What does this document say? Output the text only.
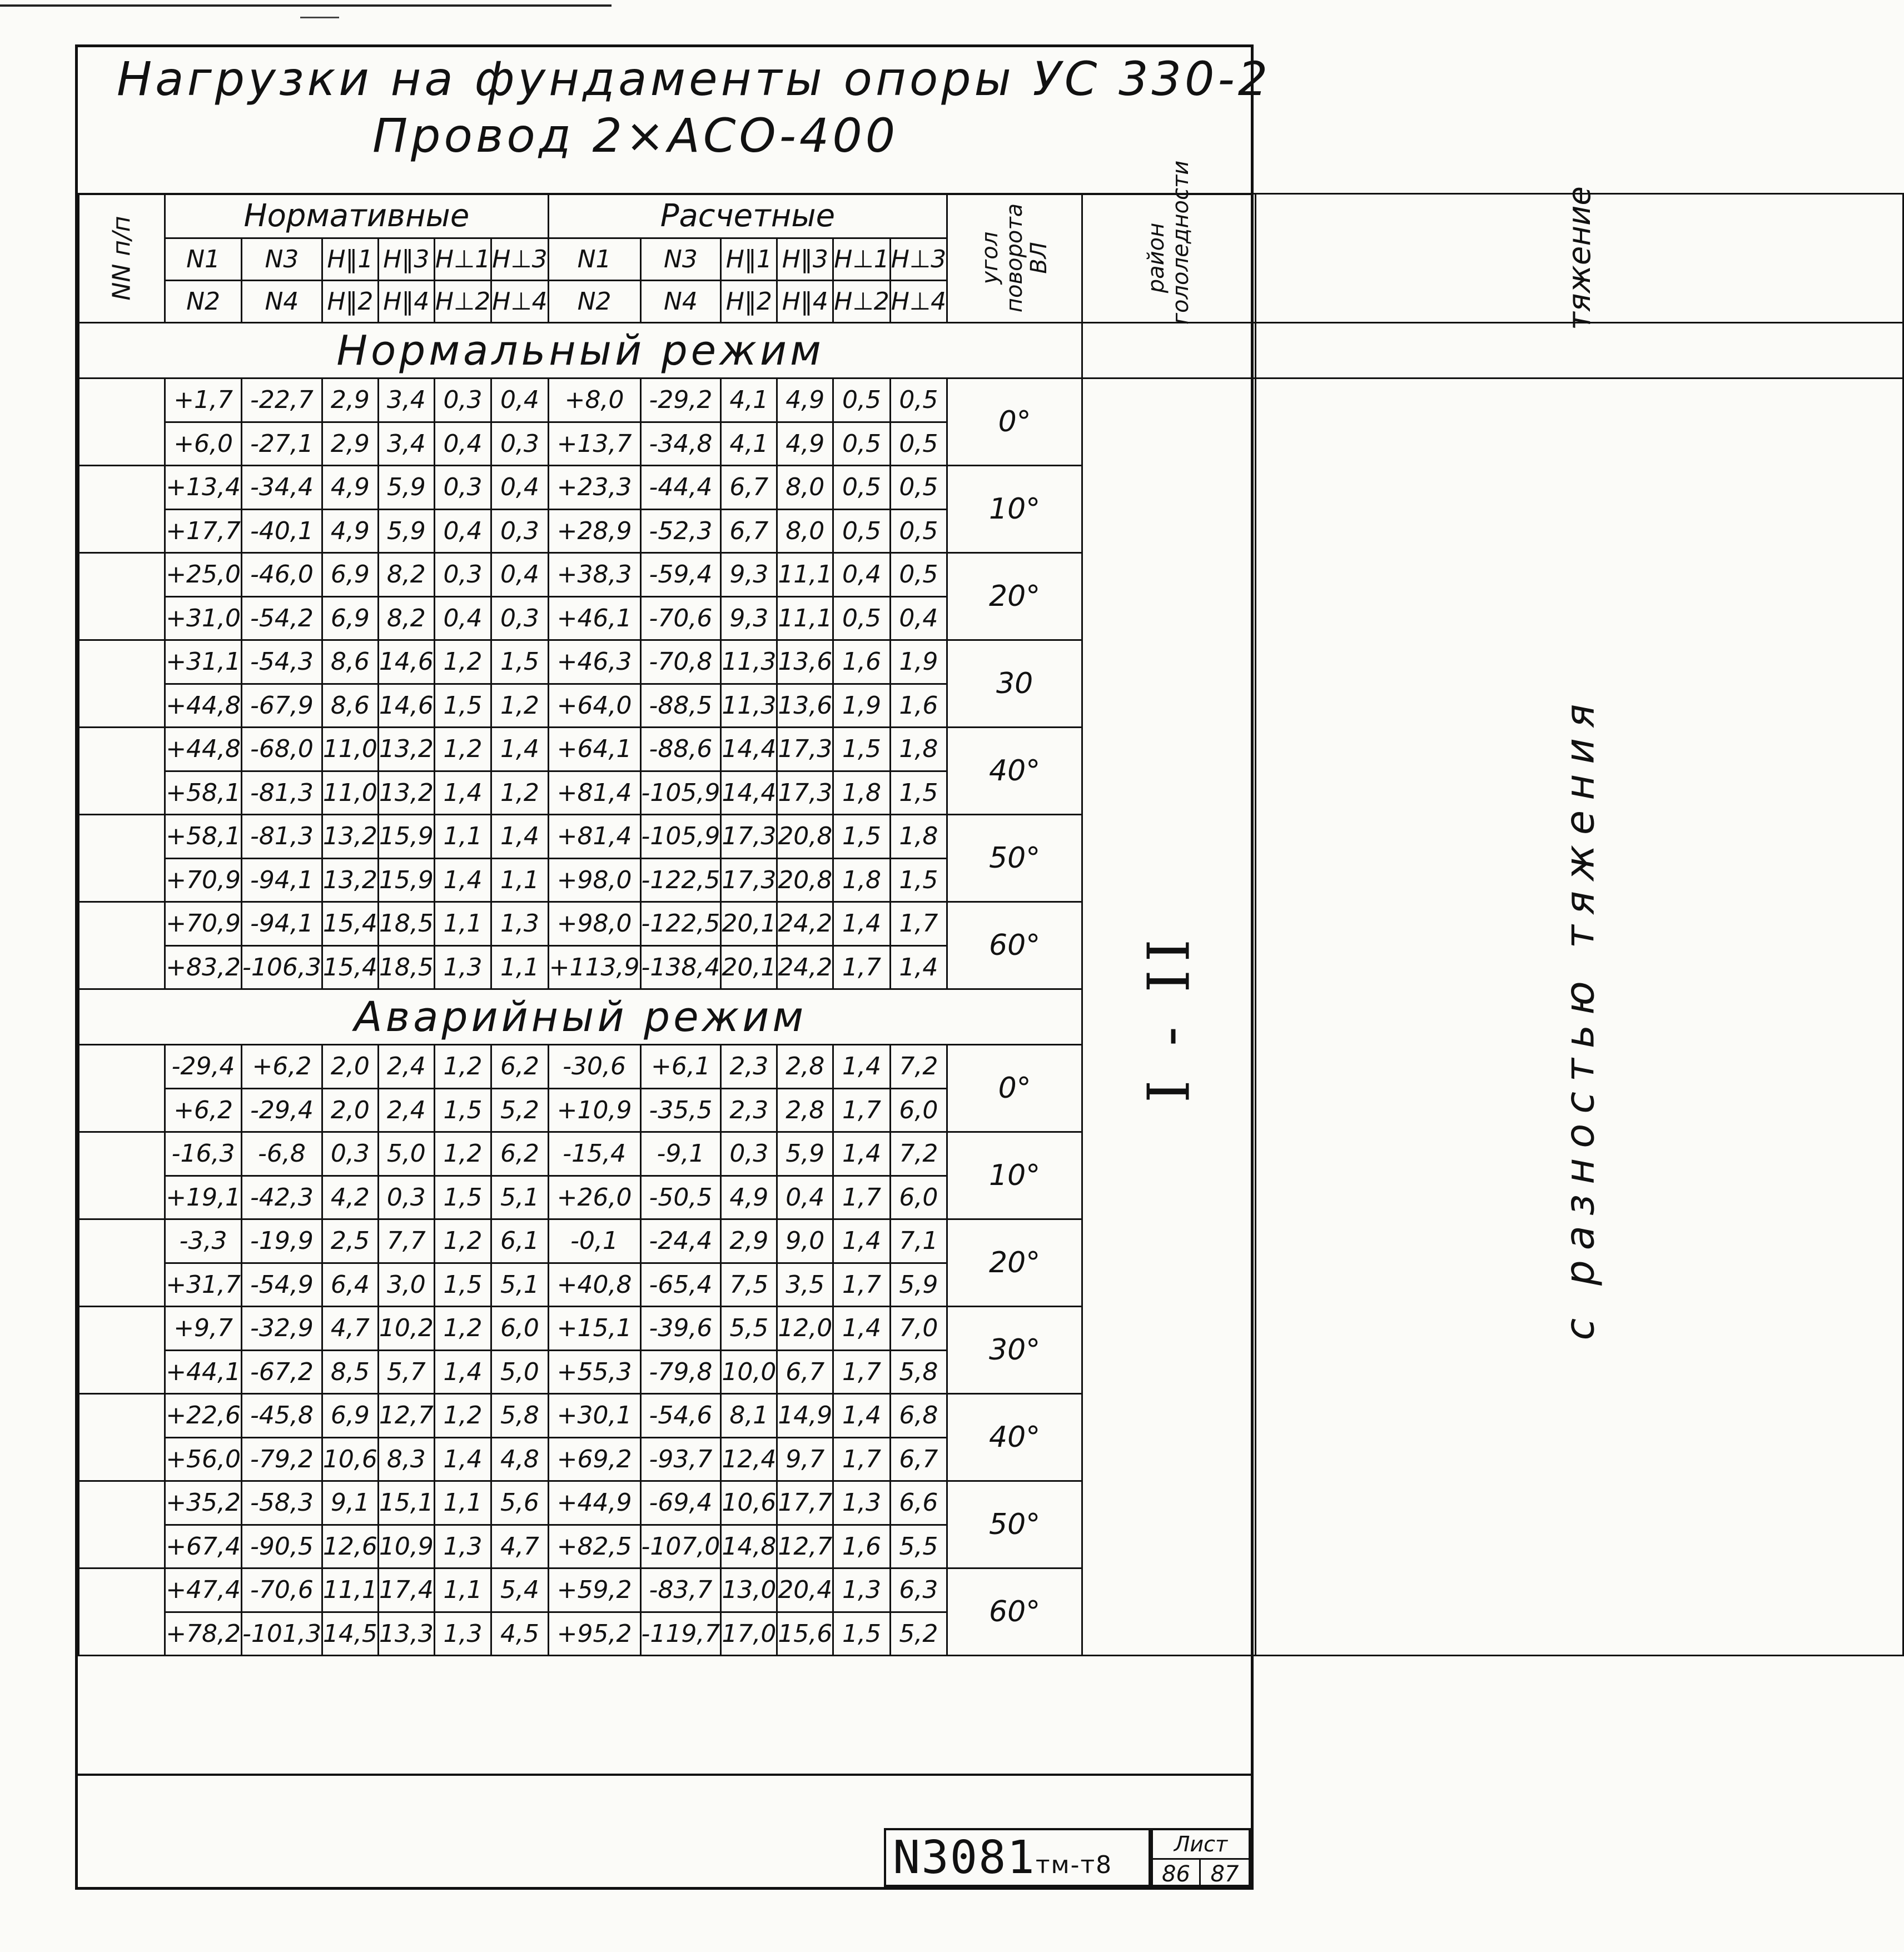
Нагрузки на фундаменты опоры УС 330-2
Провод 2×АСО-400
NN п/п	Нормативные						Расчетные						угол поворота ВЛ	район гололедности	тяжение
	N1	N3	H‖1	H‖3	H⊥1	H⊥3	N1	N3	H‖1	H‖3	H⊥1	H⊥3			
	N2	N4	H‖2	H‖4	H⊥2	H⊥4	N2	N4	H‖2	H‖4	H⊥2	H⊥4			
Нормальный режим															
	+1,7	-22,7	2,9	3,4	0,3	0,4	+8,0	-29,2	4,1	4,9	0,5	0,5	0°	I - II	с разностью тяжения
	+6,0	-27,1	2,9	3,4	0,4	0,3	+13,7	-34,8	4,1	4,9	0,5	0,5			
	+13,4	-34,4	4,9	5,9	0,3	0,4	+23,3	-44,4	6,7	8,0	0,5	0,5	10°		
	+17,7	-40,1	4,9	5,9	0,4	0,3	+28,9	-52,3	6,7	8,0	0,5	0,5			
	+25,0	-46,0	6,9	8,2	0,3	0,4	+38,3	-59,4	9,3	11,1	0,4	0,5	20°		
	+31,0	-54,2	6,9	8,2	0,4	0,3	+46,1	-70,6	9,3	11,1	0,5	0,4			
	+31,1	-54,3	8,6	14,6	1,2	1,5	+46,3	-70,8	11,3	13,6	1,6	1,9	30		
	+44,8	-67,9	8,6	14,6	1,5	1,2	+64,0	-88,5	11,3	13,6	1,9	1,6			
	+44,8	-68,0	11,0	13,2	1,2	1,4	+64,1	-88,6	14,4	17,3	1,5	1,8	40°		
	+58,1	-81,3	11,0	13,2	1,4	1,2	+81,4	-105,9	14,4	17,3	1,8	1,5			
	+58,1	-81,3	13,2	15,9	1,1	1,4	+81,4	-105,9	17,3	20,8	1,5	1,8	50°		
	+70,9	-94,1	13,2	15,9	1,4	1,1	+98,0	-122,5	17,3	20,8	1,8	1,5			
	+70,9	-94,1	15,4	18,5	1,1	1,3	+98,0	-122,5	20,1	24,2	1,4	1,7	60°		
	+83,2	-106,3	15,4	18,5	1,3	1,1	+113,9	-138,4	20,1	24,2	1,7	1,4			
Аварийный режим															
	-29,4	+6,2	2,0	2,4	1,2	6,2	-30,6	+6,1	2,3	2,8	1,4	7,2	0°		
	+6,2	-29,4	2,0	2,4	1,5	5,2	+10,9	-35,5	2,3	2,8	1,7	6,0			
	-16,3	-6,8	0,3	5,0	1,2	6,2	-15,4	-9,1	0,3	5,9	1,4	7,2	10°		
	+19,1	-42,3	4,2	0,3	1,5	5,1	+26,0	-50,5	4,9	0,4	1,7	6,0			
	-3,3	-19,9	2,5	7,7	1,2	6,1	-0,1	-24,4	2,9	9,0	1,4	7,1	20°		
	+31,7	-54,9	6,4	3,0	1,5	5,1	+40,8	-65,4	7,5	3,5	1,7	5,9			
	+9,7	-32,9	4,7	10,2	1,2	6,0	+15,1	-39,6	5,5	12,0	1,4	7,0	30°		
	+44,1	-67,2	8,5	5,7	1,4	5,0	+55,3	-79,8	10,0	6,7	1,7	5,8			
	+22,6	-45,8	6,9	12,7	1,2	5,8	+30,1	-54,6	8,1	14,9	1,4	6,8	40°		
	+56,0	-79,2	10,6	8,3	1,4	4,8	+69,2	-93,7	12,4	9,7	1,7	6,7			
	+35,2	-58,3	9,1	15,1	1,1	5,6	+44,9	-69,4	10,6	17,7	1,3	6,6	50°		
	+67,4	-90,5	12,6	10,9	1,3	4,7	+82,5	-107,0	14,8	12,7	1,6	5,5			
	+47,4	-70,6	11,1	17,4	1,1	5,4	+59,2	-83,7	13,0	20,4	1,3	6,3	60°		
	+78,2	-101,3	14,5	13,3	1,3	4,5	+95,2	-119,7	17,0	15,6	1,5	5,2			
N3081тм-т8
Лист
86 87
